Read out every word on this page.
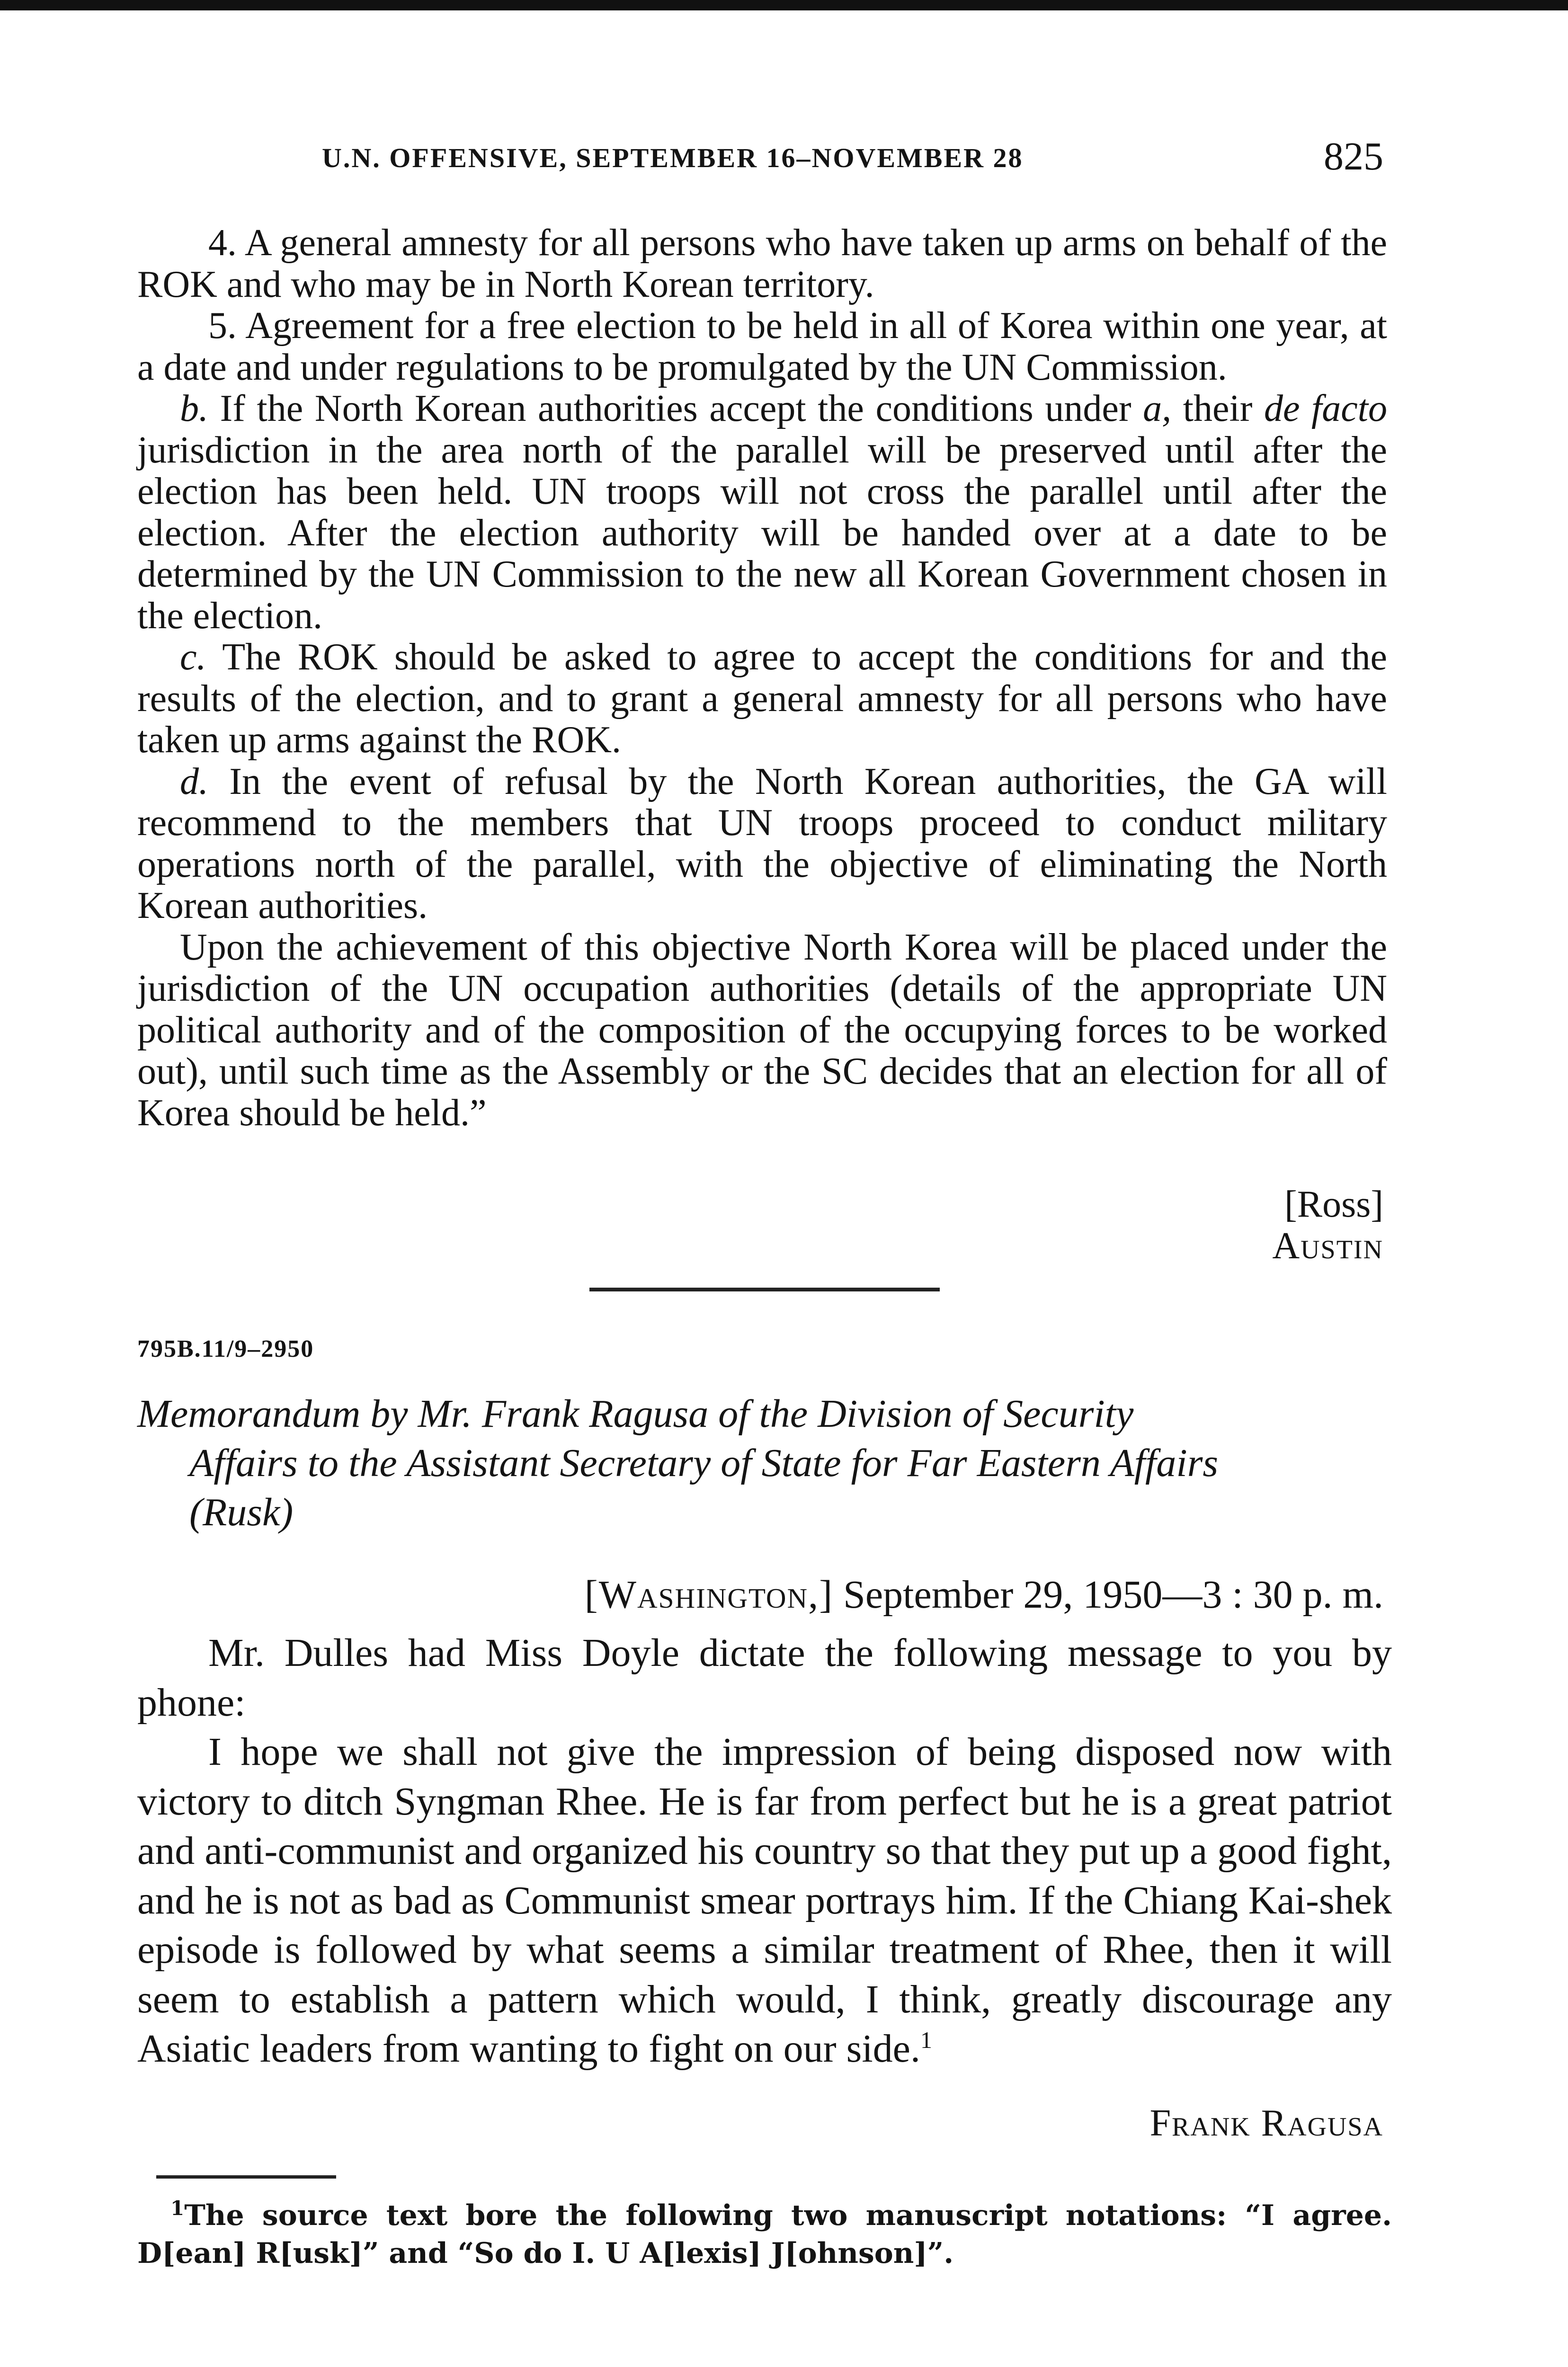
U.N. OFFENSIVE, SEPTEMBER 16–NOVEMBER 28	825

4. A general amnesty for all persons who have taken up arms on behalf of the ROK and who may be in North Korean territory.

5. Agreement for a free election to be held in all of Korea within one year, at a date and under regulations to be promulgated by the UN Commission.

b. If the North Korean authorities accept the conditions under a, their de facto jurisdiction in the area north of the parallel will be preserved until after the election has been held. UN troops will not cross the parallel until after the election. After the election authority will be handed over at a date to be determined by the UN Commission to the new all Korean Government chosen in the election.

c. The ROK should be asked to agree to accept the conditions for and the results of the election, and to grant a general amnesty for all persons who have taken up arms against the ROK.

d. In the event of refusal by the North Korean authorities, the GA will recommend to the members that UN troops proceed to conduct military operations north of the parallel, with the objective of eliminating the North Korean authorities.

Upon the achievement of this objective North Korea will be placed under the jurisdiction of the UN occupation authorities (details of the appropriate UN political authority and of the composition of the occupying forces to be worked out), until such time as the Assembly or the SC decides that an election for all of Korea should be held.”

[Ross]
Austin
795B.11/9–2950
Memorandum by Mr. Frank Ragusa of the Division of Security
Affairs to the Assistant Secretary of State for Far Eastern Affairs
(Rusk)
[Washington,] September 29, 1950—3 : 30 p. m.

Mr. Dulles had Miss Doyle dictate the following message to you by phone:

I hope we shall not give the impression of being disposed now with victory to ditch Syngman Rhee. He is far from perfect but he is a great patriot and anti-communist and organized his country so that they put up a good fight, and he is not as bad as Communist smear portrays him. If the Chiang Kai-shek episode is followed by what seems a similar treatment of Rhee, then it will seem to establish a pattern which would, I think, greatly discourage any Asiatic leaders from wanting to fight on our side.$^1$

Frank Ragusa

$^1$The source text bore the following two manuscript notations: “I agree. D[ean] R[usk]” and “So do I. U A[lexis] J[ohnson]”.
